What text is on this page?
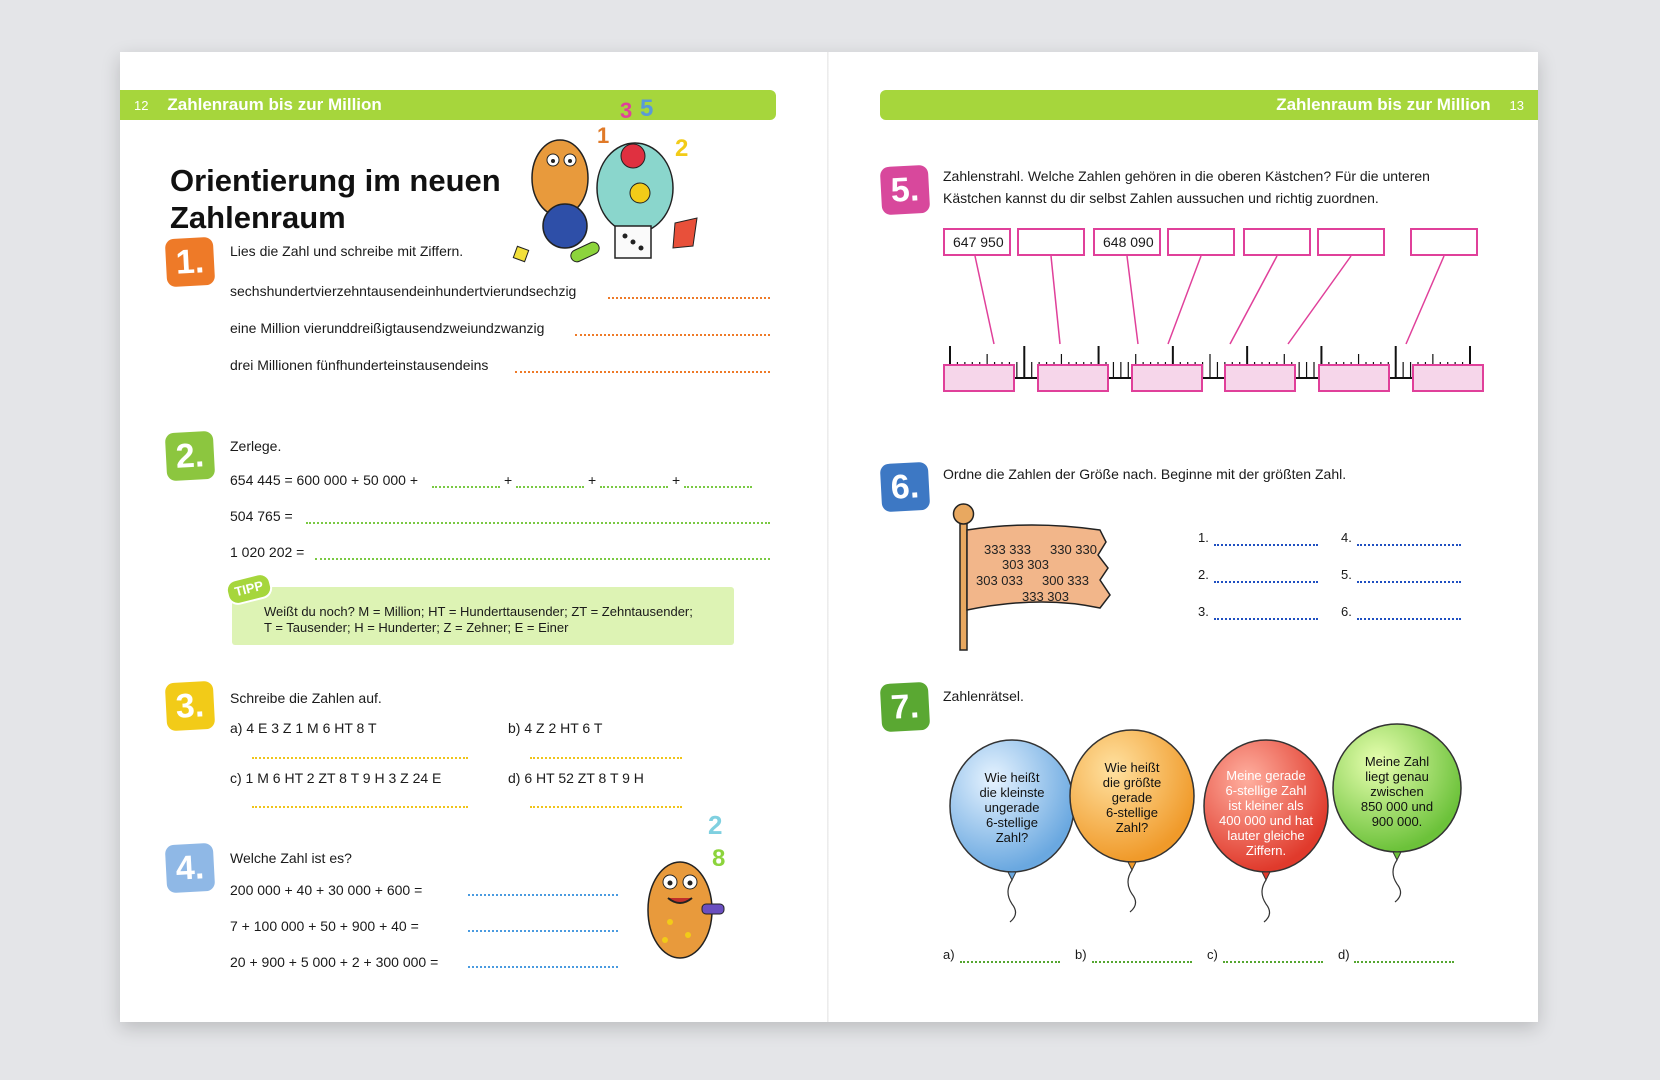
12 Zahlenraum bis zur Million
Orientierung im neuen
Zahlenraum
5
3
1	2
1.	Lies die Zahl und schreibe mit Ziffern.
sechshundertvierzehntausendeinhundertvierundsechzig
eine Million vierunddreißigtausendzweiundzwanzig
drei Millionen fünfhunderteinstausendeins
2.	Zerlege.
654 445 = 600 000 + 50 000 +	+	+	+
504 765 =
1 020 202 =
TIPP
Weißt du noch? M = Million; HT = Hunderttausender; ZT = Zehntausender;
T = Tausender; H = Hunderter; Z = Zehner; E = Einer
3.	Schreibe die Zahlen auf.
a) 4 E 3 Z 1 M 6 HT 8 T	b) 4 Z 2 HT 6 T
c) 1 M 6 HT 2 ZT 8 T 9 H 3 Z 24 E	d) 6 HT 52 ZT 8 T 9 H
4.	Welche Zahl ist es?
200 000 + 40 + 30 000 + 600 =
7 + 100 000 + 50 + 900 + 40 =
20 + 900 + 5 000 + 2 + 300 000 =
2
8
Zahlenraum bis zur Million 13
5.	Zahlenstrahl. Welche Zahlen gehören in die oberen Kästchen? Für die unteren
Kästchen kannst du dir selbst Zahlen aussuchen und richtig zuordnen.
647 950	648 090
6.	Ordne die Zahlen der Größe nach. Beginne mit der größten Zahl.
333 333 330 330
303 303
303 033 300 333
333 303
1.
2.
3.
4.
5.
6.
7.	Zahlenrätsel.
Wie heißt
die kleinste
ungerade
6-stellige
Zahl?
Wie heißt
die größte
gerade
6-stellige
Zahl?
Meine gerade
6-stellige Zahl
ist kleiner als
400 000 und hat
lauter gleiche
Ziffern.
Meine Zahl
liegt genau
zwischen
850 000 und
900 000.
a)	b)	c)	d)
